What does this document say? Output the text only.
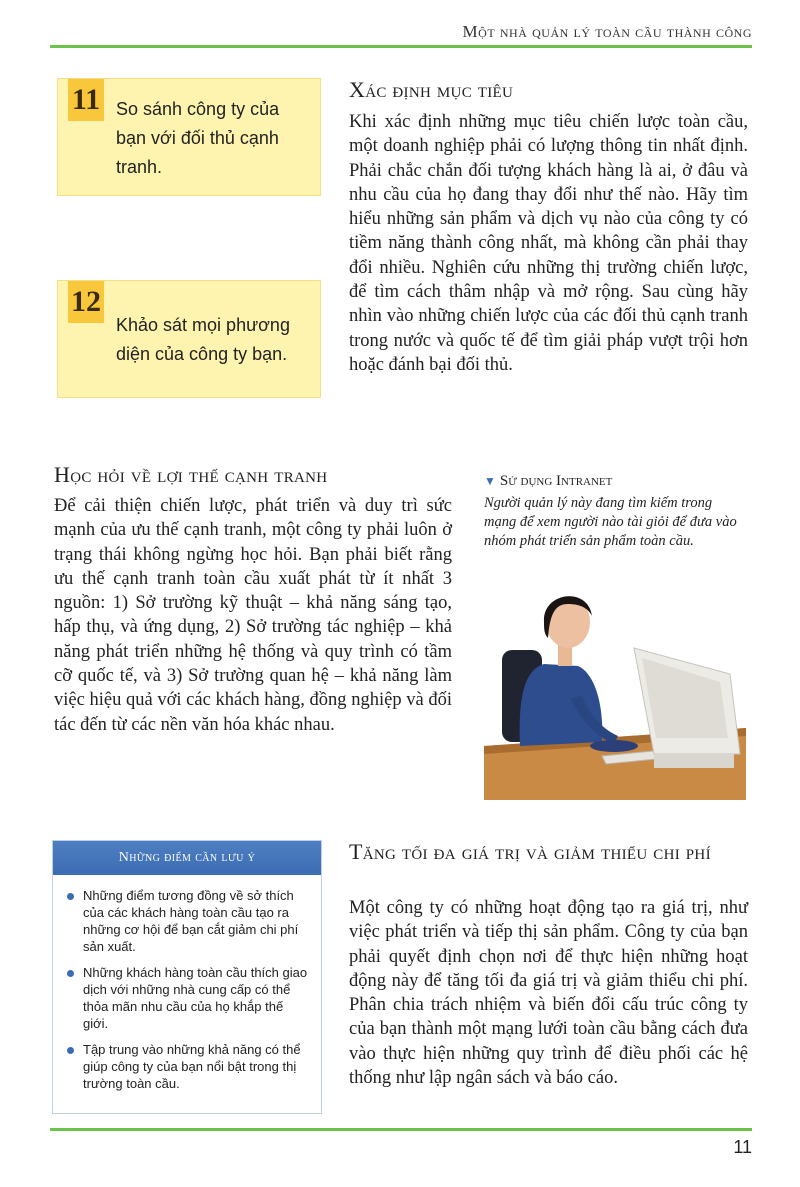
Một nhà quản lý toàn cầu thành công
11 So sánh công ty của bạn với đối thủ cạnh tranh.
12
Khảo sát mọi phương diện của công ty bạn.
Xác định mục tiêu
Khi xác định những mục tiêu chiến lược toàn cầu, một doanh nghiệp phải có lượng thông tin nhất định. Phải chắc chắn đối tượng khách hàng là ai, ở đâu và nhu cầu của họ đang thay đổi như thế nào. Hãy tìm hiểu những sản phẩm và dịch vụ nào của công ty có tiềm năng thành công nhất, mà không cần phải thay đổi nhiều. Nghiên cứu những thị trường chiến lược, để tìm cách thâm nhập và mở rộng. Sau cùng hãy nhìn vào những chiến lược của các đối thủ cạnh tranh trong nước và quốc tế để tìm giải pháp vượt trội hơn hoặc đánh bại đối thủ.
Học hỏi về lợi thế cạnh tranh
Để cải thiện chiến lược, phát triển và duy trì sức mạnh của ưu thế cạnh tranh, một công ty phải luôn ở trạng thái không ngừng học hỏi. Bạn phải biết rằng ưu thế cạnh tranh toàn cầu xuất phát từ ít nhất 3 nguồn: 1) Sở trường kỹ thuật – khả năng sáng tạo, hấp thụ, và ứng dụng, 2) Sở trường tác nghiệp – khả năng phát triển những hệ thống và quy trình có tầm cỡ quốc tế, và 3) Sở trường quan hệ – khả năng làm việc hiệu quả với các khách hàng, đồng nghiệp và đối tác đến từ các nền văn hóa khác nhau.
▼ Sử dụng Intranet
Người quản lý này đang tìm kiếm trong mạng để xem người nào tài giỏi để đưa vào nhóm phát triển sản phẩm toàn cầu.
Những điểm cần lưu ý
Những điểm tương đồng về sở thích của các khách hàng toàn cầu tạo ra những cơ hội để bạn cắt giảm chi phí sản xuất.
Những khách hàng toàn cầu thích giao dịch với những nhà cung cấp có thể thỏa mãn nhu cầu của họ khắp thế giới.
Tập trung vào những khả năng có thể giúp công ty của bạn nổi bật trong thị trường toàn cầu.
Tăng tối đa giá trị và giảm thiểu chi phí
Một công ty có những hoạt động tạo ra giá trị, như việc phát triển và tiếp thị sản phẩm. Công ty của bạn phải quyết định chọn nơi để thực hiện những hoạt động này để tăng tối đa giá trị và giảm thiểu chi phí. Phân chia trách nhiệm và biến đổi cấu trúc công ty của bạn thành một mạng lưới toàn cầu bằng cách đưa vào thực hiện những quy trình để điều phối các hệ thống như lập ngân sách và báo cáo.
11
